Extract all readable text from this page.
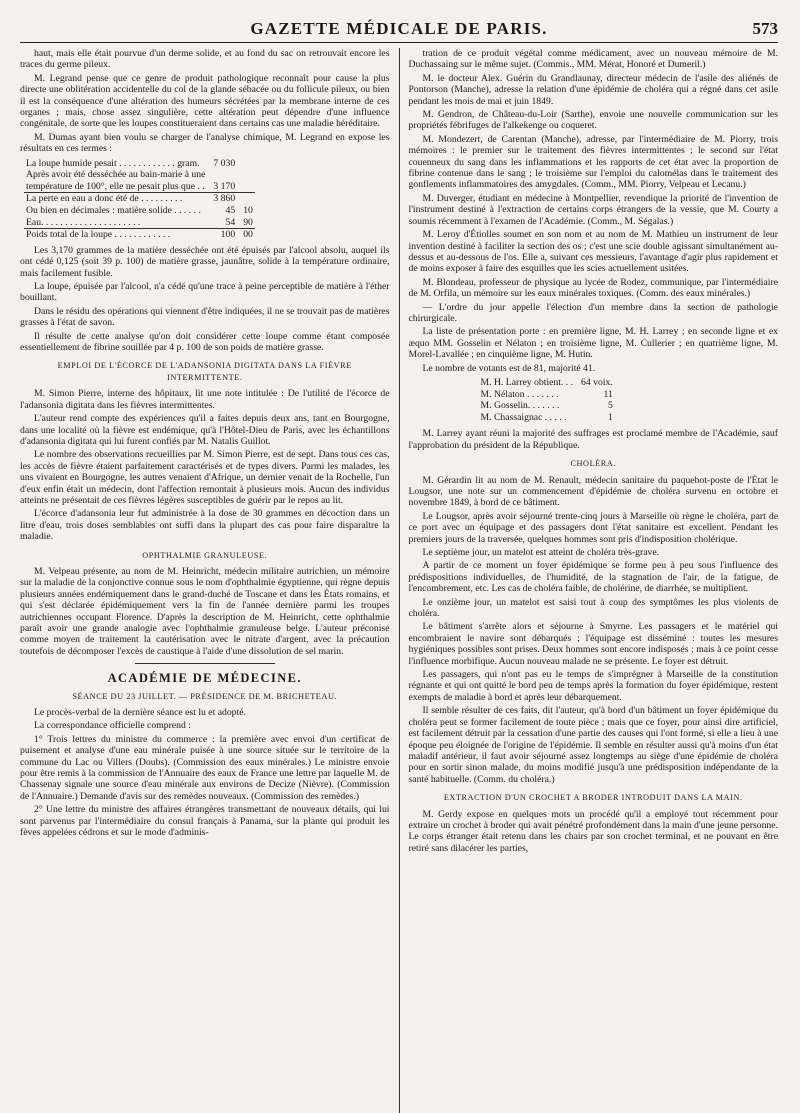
GAZETTE MÉDICALE DE PARIS.	573

haut, mais elle était pourvue d'un derme solide, et au fond du sac on retrouvait encore les traces du germe pileux.

M. Legrand pense que ce genre de produit pathologique reconnaît pour cause la plus directe une oblitération accidentelle du col de la glande sébacée ou du follicule pileux, ou bien il est la conséquence d'une altération des humeurs sécrétées par la membrane interne de ces organes ; mais, chose assez singulière, cette altération peut dépendre d'une influence congénitale, de sorte que les loupes constitueraient dans certains cas une maladie héréditaire.

M. Dumas ayant bien voulu se charger de l'analyse chimique, M. Legrand en expose les résultats en ces termes :

La loupe humide pesait . . . . . . . . . . . . gram.	7 030	
Après avoir été desséchée au bain-marie à une		
température de 100°, elle ne pesait plus que . .	3 170	
La perte en eau a donc été de . . . . . . . . .	3 860	
Ou bien en décimales : matière solide . . . . . .	45	10
Eau. . . . . . . . . . . . . . . . . . . . .	54	90
Poids total de la loupe . . . . . . . . . . . .	100	00

Les 3,170 grammes de la matière desséchée ont été épuisés par l'alcool absolu, auquel ils ont cédé 0,125 (soit 39 p. 100) de matière grasse, jaunâtre, solide à la température ordinaire, mais facilement fusible.

La loupe, épuisée par l'alcool, n'a cédé qu'une trace à peine perceptible de matière à l'éther bouillant.

Dans le résidu des opérations qui viennent d'être indiquées, il ne se trouvait pas de matières grasses à l'état de savon.

Il résulte de cette analyse qu'on doit considérer cette loupe comme étant composée essentiellement de fibrine souillée par 4 p. 100 de son poids de matière grasse.

EMPLOI DE L'ÉCORCE DE L'ADANSONIA DIGITATA DANS LA FIÈVRE INTERMITTENTE.

M. Simon Pierre, interne des hôpitaux, lit une note intitulée : De l'utilité de l'écorce de l'adansonia digitata dans les fièvres intermittentes.

L'auteur rend compte des expériences qu'il a faites depuis deux ans, tant en Bourgogne, dans une localité où la fièvre est endémique, qu'à l'Hôtel-Dieu de Paris, avec les échantillons d'adansonia digitata qui lui furent confiés par M. Natalis Guillot.

Le nombre des observations recueillies par M. Simon Pierre, est de sept. Dans tous ces cas, les accès de fièvre étaient parfaitement caractérisés et de types divers. Parmi les malades, les uns vivaient en Bourgogne, les autres venaient d'Afrique, un dernier venait de la Rochelle, l'un d'eux enfin était un médecin, dont l'affection remontait à plusieurs mois. Aucun des individus atteints ne présentait de ces fièvres légères susceptibles de guérir par le repos au lit.

L'écorce d'adansonia leur fut administrée à la dose de 30 grammes en décoction dans un litre d'eau, trois doses semblables ont suffi dans la plupart des cas pour faire disparaître la maladie.

OPHTHALMIE GRANULEUSE.

M. Velpeau présente, au nom de M. Heinricht, médecin militaire autrichien, un mémoire sur la maladie de la conjonctive connue sous le nom d'ophthalmie égyptienne, qui règne depuis plusieurs années endémiquement dans le grand-duché de Toscane et dans les États romains, et qui s'est déclarée épidémiquement vers la fin de l'année dernière parmi les troupes autrichiennes occupant Florence. D'après la description de M. Heinricht, cette ophthalmie paraît avoir une grande analogie avec l'ophthalmie granuleuse belge. L'auteur préconise comme moyen de traitement la cautérisation avec le nitrate d'argent, avec la précaution toutefois de décomposer l'excès de caustique à l'aide d'une dissolution de sel marin.

ACADÉMIE DE MÉDECINE.
SÉANCE DU 23 JUILLET. — PRÉSIDENCE DE M. BRICHETEAU.

Le procès-verbal de la dernière séance est lu et adopté.

La correspondance officielle comprend :

1° Trois lettres du ministre du commerce : la première avec envoi d'un certificat de puisement et analyse d'une eau minérale puisée à une source située sur le territoire de la commune du Lac ou Villers (Doubs). (Commission des eaux minérales.) Le ministre envoie pour être remis à la commission de l'Annuaire des eaux de France une lettre par laquelle M. de Chassenay signale une source d'eau minérale aux environs de Decize (Nièvre). (Commission de l'Annuaire.) Demande d'avis sur des remèdes nouveaux. (Commission des remèdes.)

2° Une lettre du ministre des affaires étrangères transmettant de nouveaux détails, qui lui sont parvenus par l'intermédiaire du consul français à Panama, sur la plante qui produit les fèves appelées cédrons et sur le mode d'adminis-

tration de ce produit végétal comme médicament, avec un nouveau mémoire de M. Duchassaing sur le même sujet. (Commis., MM. Mérat, Honoré et Dumeril.)

M. le docteur Alex. Guérin du Grandlaunay, directeur médecin de l'asile des aliénés de Pontorson (Manche), adresse la relation d'une épidémie de choléra qui a régné dans cet asile pendant les mois de mai et juin 1849.

M. Gendron, de Château-du-Loir (Sarthe), envoie une nouvelle communication sur les propriétés fébrifuges de l'alkekenge ou coqueret.

M. Mondezert, de Carentan (Manche), adresse, par l'intermédiaire de M. Piorry, trois mémoires : le premier sur le traitement des fièvres intermittentes ; le second sur l'état couenneux du sang dans les inflammations et les rapports de cet état avec la proportion de fibrine contenue dans le sang ; le troisième sur l'emploi du calomélas dans le traitement des gonflements inflammatoires des amygdales. (Comm., MM. Piorry, Velpeau et Lecanu.)

M. Duverger, étudiant en médecine à Montpellier, revendique la priorité de l'invention de l'instrument destiné à l'extraction de certains corps étrangers de la vessie, que M. Courty a soumis récemment à l'examen de l'Académie. (Comm., M. Ségalas.)

M. Leroy d'Étiolles soumet en son nom et au nom de M. Mathieu un instrument de leur invention destiné à faciliter la section des os ; c'est une scie double agissant simultanément au-dessus et au-dessous de l'os. Elle a, suivant ces messieurs, l'avantage d'agir plus rapidement et de moins exposer à faire des esquilles que les scies actuellement usitées.

M. Blondeau, professeur de physique au lycée de Rodez, communique, par l'intermédiaire de M. Orfila, un mémoire sur les eaux minérales toxiques. (Comm. des eaux minérales.)

— L'ordre du jour appelle l'élection d'un membre dans la section de pathologie chirurgicale.

La liste de présentation porte : en première ligne, M. H. Larrey ; en seconde ligne et ex æquo MM. Gosselin et Nélaton ; en troisième ligne, M. Cullerier ; en quatrième ligne, M. Morel-Lavallée ; en cinquième ligne, M. Hutin.

Le nombre de votants est de 81, majorité 41.

M. H. Larrey obtient. . .	64 voix.
M. Nélaton . . . . . . .	11
M. Gosselin. . . . . . .	5
M. Chassaignac . . . . .	1

M. Larrey ayant réuni la majorité des suffrages est proclamé membre de l'Académie, sauf l'approbation du président de la République.

CHOLÉRA.

M. Gérardin lit au nom de M. Renault, médecin sanitaire du paquebot-poste de l'État le Lougsor, une note sur un commencement d'épidémie de choléra survenu en octobre et novembre 1849, à bord de ce bâtiment.

Le Lougsor, après avoir séjourné trente-cinq jours à Marseille où règne le choléra, part de ce port avec un équipage et des passagers dont l'état sanitaire est excellent. Pendant les premiers jours de la traversée, quelques hommes sont pris d'indisposition cholérique.

Le septième jour, un matelot est atteint de choléra très-grave.

A partir de ce moment un foyer épidémique se forme peu à peu sous l'influence des prédispositions individuelles, de l'humidité, de la stagnation de l'air, de la fatigue, de l'encombrement, etc. Les cas de choléra faible, de cholérine, de diarrhée, se multiplient.

Le onzième jour, un matelot est saisi tout à coup des symptômes les plus violents de choléra.

Le bâtiment s'arrête alors et séjourne à Smyrne. Les passagers et le matériel qui encombraient le navire sont débarqués ; l'équipage est disséminé : toutes les mesures hygiéniques possibles sont prises. Deux hommes sont encore indisposés ; mais à ce point cesse l'influence morbifique. Aucun nouveau malade ne se présente. Le foyer est détruit.

Les passagers, qui n'ont pas eu le temps de s'imprégner à Marseille de la constitution régnante et qui ont quitté le bord peu de temps après la formation du foyer épidémique, restent exempts de maladie à bord et après leur débarquement.

Il semble résulter de ces faits, dit l'auteur, qu'à bord d'un bâtiment un foyer épidémique du choléra peut se former facilement de toute pièce ; mais que ce foyer, pour ainsi dire artificiel, est facilement détruit par la cessation d'une partie des causes qui l'ont formé, si elle a lieu à une époque peu éloignée de l'origine de l'épidémie. Il semble en résulter aussi qu'à moins d'un état maladif antérieur, il faut avoir séjourné assez longtemps au siège d'une épidémie de choléra pour en sortir sinon malade, du moins modifié jusqu'à une prédisposition indépendante de la santé habituelle. (Comm. du choléra.)

EXTRACTION D'UN CROCHET A BRODER INTRODUIT DANS LA MAIN.

M. Gerdy expose en quelques mots un procédé qu'il a employé tout récemment pour extraire un crochet à broder qui avait pénétré profondément dans la main d'une jeune personne. Le corps étranger était retenu dans les chairs par son crochet terminal, et ne pouvant en être retiré sans dilacérer les parties,
